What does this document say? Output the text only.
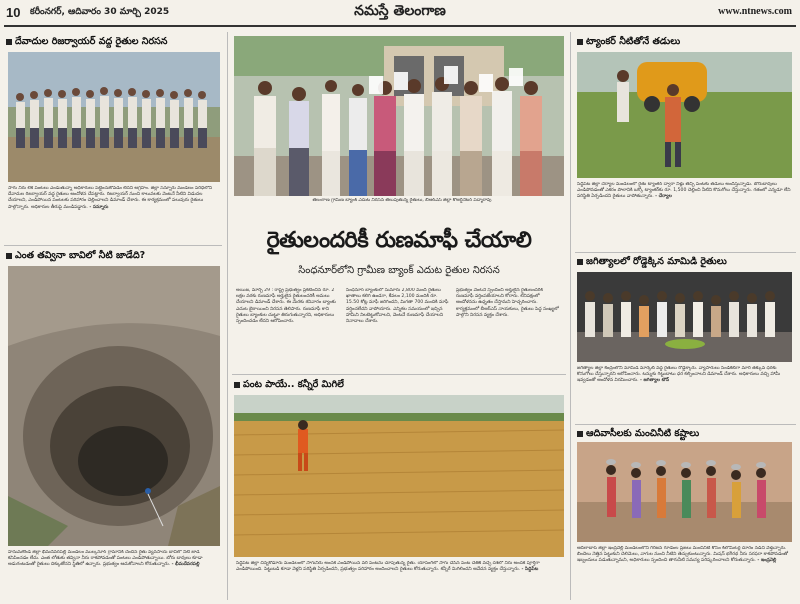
10 కరీంనగర్, ఆదివారం 30 మార్చి 2025	నమస్తే తెలంగాణ	www.ntnews.com
దేవాదుల రిజర్వాయర్ వద్ద రైతుల నిరసన
సాగు నీరు లేక పంటలు ఎండుతున్నా అధికారులు పట్టించుకోవడం లేదని ఆగ్రహం. జిల్లా సన్నూరు మండలం పరిధిలోని దేవాదుల రిజర్వాయర్ వద్ద రైతులు ఆందోళన చేపట్టారు. రిజర్వాయర్ నుంచి కాలువలకు వెంటనే నీటిని విడుదల చేయాలని, ఎండిపోయిన పంటలకు పరిహారం చెల్లించాలని డిమాండ్ చేశారు. ఈ కార్యక్రమంలో పలువురు రైతులు పాల్గొన్నారు. అధికారుల తీరుపై మండిపడ్డారు. - సన్నూరు
ఎంత తవ్వినా బావిలో నీటి జాడేది?
హనుమకొండ జిల్లా భీమదేవరపల్లి మండలం ముల్కనూర్ గ్రామానికి చెందిన రైతు వ్యవసాయ బావిలో నీటి జాడ కనిపించడం లేదు. ఎంత లోతుకు తవ్వినా నీరు రాకపోవడంతో పంటలు ఎండిపోతున్నాయి. బోరు బావులు కూడా అడుగంటడంతో రైతులు దిక్కుతోచని స్థితిలో ఉన్నారు. ప్రభుత్వం ఆదుకోవాలని కోరుతున్నారు. - భీమదేవరపల్లి
తెలంగాణ గ్రామీణ బ్యాంక్ ఎదుట నిరసన తెలుపుతున్న రైతులు, బీఆర్ఎస్ జిల్లా కోఆర్డినేటర్ పద్మారావు
రైతులందరికీ రుణమాఫీ చేయాలి
సింధనూర్‌లోని గ్రామీణ బ్యాంక్ ఎదుట రైతుల నిరసన
అయిజ, మార్చి 29 : రాష్ట్ర ప్రభుత్వం ప్రకటించిన రూ. 2 లక్షల వరకు రుణమాఫీ అర్హులైన రైతులందరికీ అమలు చేయాలని డిమాండ్ చేశారు. ఈ మేరకు శనివారం బ్యాంకు ఎదుట బైఠాయించి నిరసన తెలిపారు. రుణమాఫీ కాని రైతులు బ్యాంకుల చుట్టూ తిరుగుతున్నారని, అధికారులు స్పందించడం లేదని ఆరోపించారు.
సింధనూర్ బ్యాంకులో సుమారు 2,800 మంది రైతులు ఖాతాలు కలిగి ఉండగా, కేవలం 2,100 మందికి రూ. 15.50 కోట్ల మాఫీ జరిగిందని, మిగతా 700 మందికి మాఫీ వర్తించలేదని వాపోయారు. ఎన్నికల సమయంలో ఇచ్చిన హామీని నిలబెట్టుకోవాలని, వెంటనే రుణమాఫీ చేయాలని నినాదాలు చేశారు.
ప్రభుత్వం వెంటనే స్పందించి అర్హులైన రైతులందరికీ రుణమాఫీ వర్తింపజేయాలని కోరారు. లేనిపక్షంలో ఆందోళనను ఉధృతం చేస్తామని హెచ్చరించారు. కార్యక్రమంలో బీఆర్ఎస్ నాయకులు, రైతులు పెద్ద సంఖ్యలో పాల్గొని నిరసన వ్యక్తం చేశారు.
పంట పాయే.. కన్నీరే మిగిలే
సిద్దిపేట జిల్లా చిన్నకోడూరు మండలంలో సాగునీరు అందక ఎండిపోయిన వరి పంటను చూపుతున్న రైతు. యాసంగిలో సాగు చేసిన పంట చేతికి వచ్చే దశలో నీరు అందక పూర్తిగా ఎండిపోయింది. పెట్టుబడి కూడా వెళ్లని పరిస్థితి ఏర్పడిందని, ప్రభుత్వం పరిహారం అందించాలని రైతులు కోరుతున్నారు. కన్నీరే మిగిలిందని ఆవేదన వ్యక్తం చేస్తున్నారు. - సిద్దిపేట
ట్యాంకర్ నీటితోనే తడులు
సిద్దిపేట జిల్లా చేర్యాల మండలంలో రైతు ట్యాంకర్ ద్వారా నీళ్లు తెచ్చి పంటకు తడులు అందిస్తున్నాడు. బోరుబావులు ఎండిపోవడంతో ఎకరం పొలానికి ఒక్కో ట్యాంకర్‌కు రూ. 1,500 చెల్లించి నీటిని కొనుగోలు చేస్తున్నారు. గతంలో ఎన్నడూ లేని పరిస్థితి ఏర్పడిందని రైతులు వాపోతున్నారు. - చేర్యాల
జగిత్యాలలో రోడ్డెక్కిన మామిడి రైతులు
జగిత్యాల జిల్లా కేంద్రంలోని మామిడి మార్కెట్ వద్ద రైతులు రోడ్డెక్కారు. వ్యాపారులు సిండికేట్‌గా మారి తక్కువ ధరకు కొనుగోలు చేస్తున్నారని ఆరోపించారు. టన్నుకు గిట్టుబాటు ధర కల్పించాలని డిమాండ్ చేశారు. అధికారులు వచ్చి హామీ ఇవ్వడంతో ఆందోళన విరమించారు. - జగిత్యాల టౌన్
ఆదివాసీలకు మంచినీటి కష్టాలు
ఆదిలాబాద్ జిల్లా ఇంద్రవెల్లి మండలంలోని గిరిజన గూడెంల ప్రజలు మంచినీటి కోసం కిలోమీటర్ల దూరం నడిచి వెళ్తున్నారు. బిందెలు నెత్తిన పెట్టుకుని చెలిమెలు, వాగుల నుంచి నీటిని తెచ్చుకుంటున్నారు. మిషన్ భగీరథ నీరు సరఫరా కాకపోవడంతో ఇబ్బందులు పడుతున్నామని, అధికారులు స్పందించి తాగునీటి సమస్య పరిష్కరించాలని కోరుతున్నారు. - ఇంద్రవెల్లి
